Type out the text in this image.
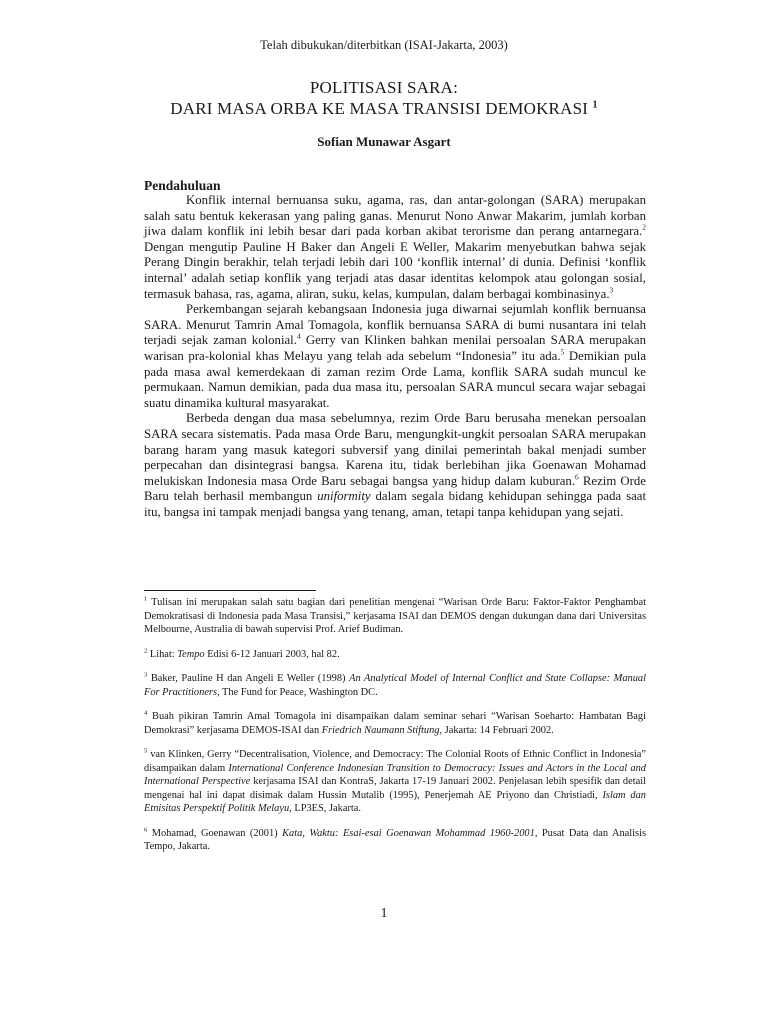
Telah dibukukan/diterbitkan (ISAI-Jakarta, 2003)
POLITISASI SARA:
DARI MASA ORBA KE MASA TRANSISI DEMOKRASI $^1$
Sofian Munawar Asgart
Pendahuluan

Konflik internal bernuansa suku, agama, ras, dan antar-golongan (SARA) merupakan salah satu bentuk kekerasan yang paling ganas. Menurut Nono Anwar Makarim, jumlah korban jiwa dalam konflik ini lebih besar dari pada korban akibat terorisme dan perang antarnegara.$^2$ Dengan mengutip Pauline H Baker dan Angeli E Weller, Makarim menyebutkan bahwa sejak Perang Dingin berakhir, telah terjadi lebih dari 100 ‘konflik internal’ di dunia. Definisi ‘konflik internal’ adalah setiap konflik yang terjadi atas dasar identitas kelompok atau golongan sosial, termasuk bahasa, ras, agama, aliran, suku, kelas, kumpulan, dalam berbagai kombinasinya.$^3$

Perkembangan sejarah kebangsaan Indonesia juga diwarnai sejumlah konflik bernuansa SARA. Menurut Tamrin Amal Tomagola, konflik bernuansa SARA di bumi nusantara ini telah terjadi sejak zaman kolonial.$^4$ Gerry van Klinken bahkan menilai persoalan SARA merupakan warisan pra-kolonial khas Melayu yang telah ada sebelum “Indonesia” itu ada.$^5$ Demikian pula pada masa awal kemerdekaan di zaman rezim Orde Lama, konflik SARA sudah muncul ke permukaan. Namun demikian, pada dua masa itu, persoalan SARA muncul secara wajar sebagai suatu dinamika kultural masyarakat.

Berbeda dengan dua masa sebelumnya, rezim Orde Baru berusaha menekan persoalan SARA secara sistematis. Pada masa Orde Baru, mengungkit-ungkit persoalan SARA merupakan barang haram yang masuk kategori subversif yang dinilai pemerintah bakal menjadi sumber perpecahan dan disintegrasi bangsa. Karena itu, tidak berlebihan jika Goenawan Mohamad melukiskan Indonesia masa Orde Baru sebagai bangsa yang hidup dalam kuburan.$^6$ Rezim Orde Baru telah berhasil membangun uniformity dalam segala bidang kehidupan sehingga pada saat itu, bangsa ini tampak menjadi bangsa yang tenang, aman, tetapi tanpa kehidupan yang sejati.

$^1$ Tulisan ini merupakan salah satu bagian dari penelitian mengenai “Warisan Orde Baru: Faktor-Faktor Penghambat Demokratisasi di Indonesia pada Masa Transisi,” kerjasama ISAI dan DEMOS dengan dukungan dana dari Universitas Melbourne, Australia di bawah supervisi Prof. Arief Budiman.

$^2$ Lihat: Tempo Edisi 6-12 Januari 2003, hal 82.

$^3$ Baker, Pauline H dan Angeli E Weller (1998) An Analytical Model of Internal Conflict and State Collapse: Manual For Practitioners, The Fund for Peace, Washington DC.

$^4$ Buah pikiran Tamrin Amal Tomagola ini disampaikan dalam seminar sehari “Warisan Soeharto: Hambatan Bagi Demokrasi” kerjasama DEMOS-ISAI dan Friedrich Naumann Stiftung, Jakarta: 14 Februari 2002.

$^5$ van Klinken, Gerry “Decentralisation, Violence, and Democracy: The Colonial Roots of Ethnic Conflict in Indonesia” disampaikan dalam International Conference Indonesian Transition to Democracy: Issues and Actors in the Local and International Perspective kerjasama ISAI dan KontraS, Jakarta 17-19 Januari 2002. Penjelasan lebih spesifik dan detail mengenai hal ini dapat disimak dalam Hussin Mutalib (1995), Penerjemah AE Priyono dan Christiadi, Islam dan Etnisitas Perspektif Politik Melayu, LP3ES, Jakarta.

$^6$ Mohamad, Goenawan (2001) Kata, Waktu: Esai-esai Goenawan Mohammad 1960-2001, Pusat Data dan Analisis Tempo, Jakarta.

1
